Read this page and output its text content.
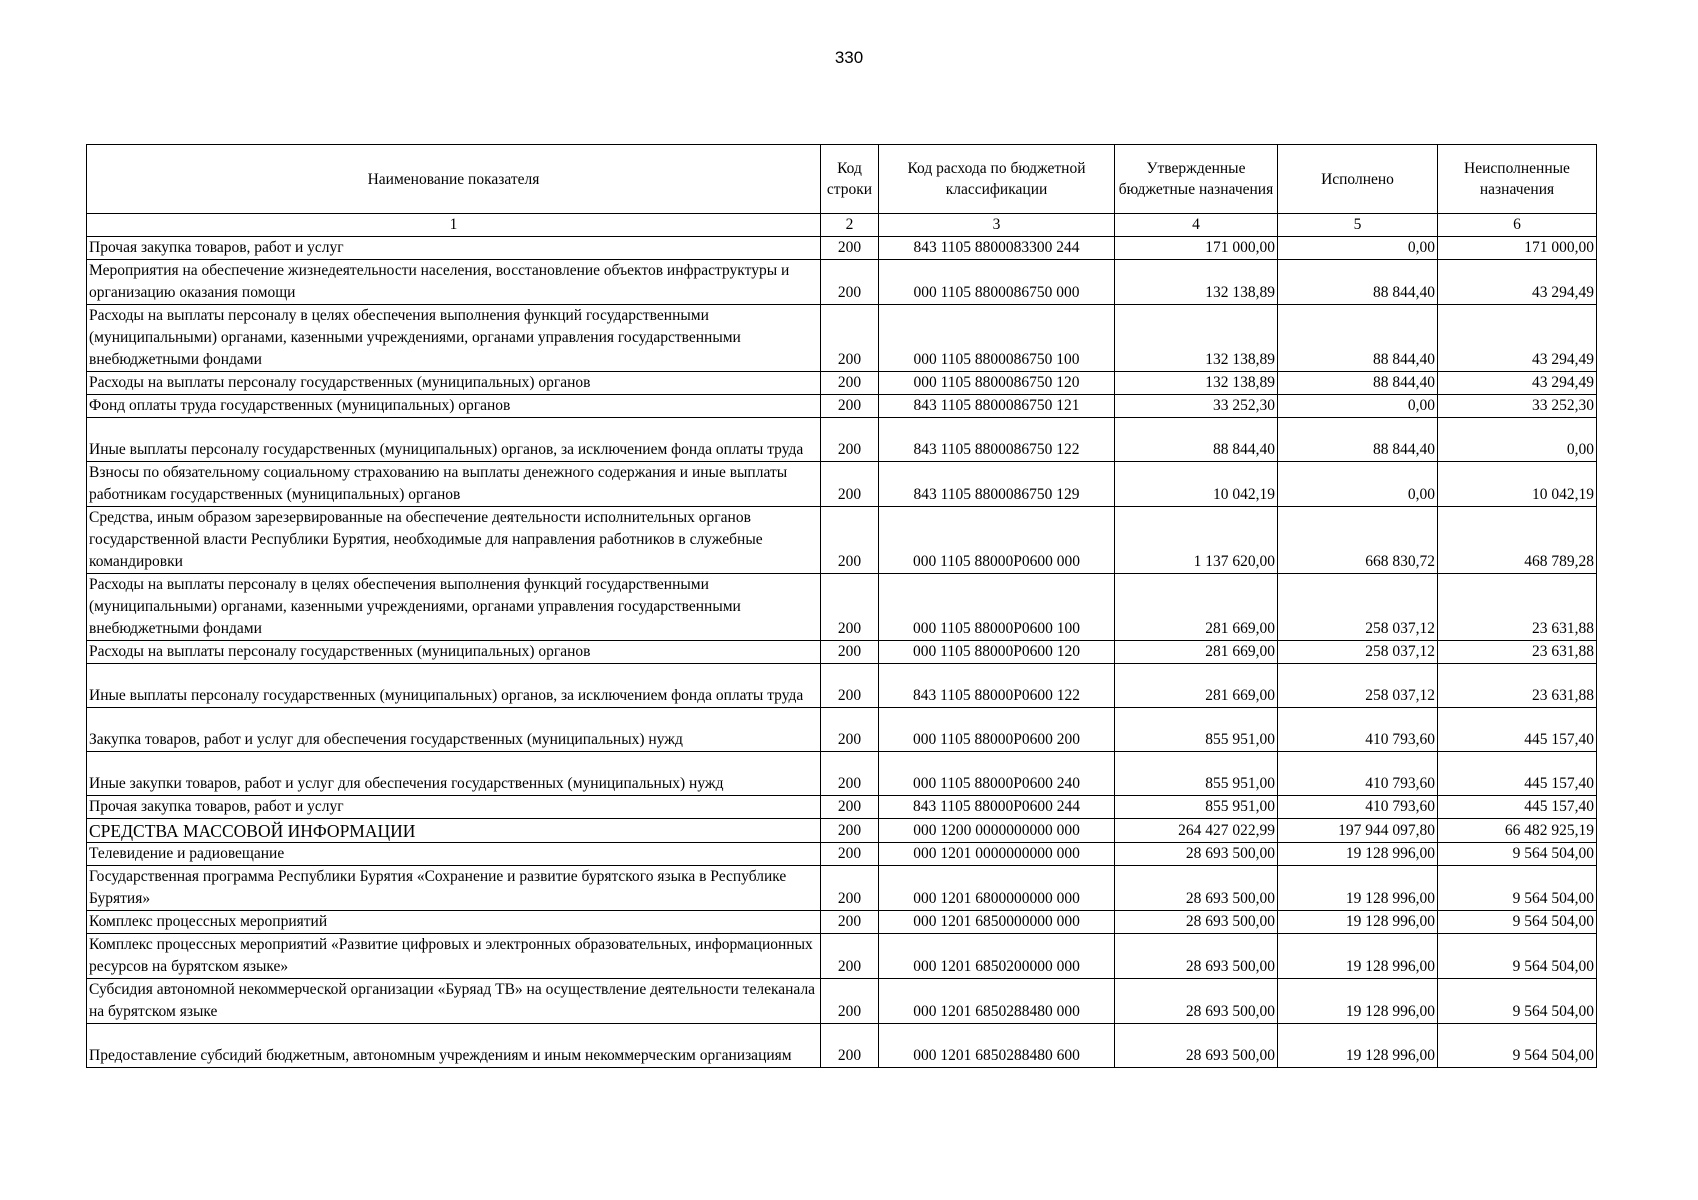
330
Наименование показателя	Код строки	Код расхода по бюджетной классификации	Утвержденные бюджетные назначения	Исполнено	Неисполненные назначения
1	2	3	4	5	6
Прочая закупка товаров, работ и услуг	200	843 1105 8800083300 244	171 000,00	0,00	171 000,00
Мероприятия на обеспечение жизнедеятельности населения, восстановление объектов инфраструктуры и организацию оказания помощи	200	000 1105 8800086750 000	132 138,89	88 844,40	43 294,49
Расходы на выплаты персоналу в целях обеспечения выполнения функций государственными (муниципальными) органами, казенными учреждениями, органами управления государственными внебюджетными фондами	200	000 1105 8800086750 100	132 138,89	88 844,40	43 294,49
Расходы на выплаты персоналу государственных (муниципальных) органов	200	000 1105 8800086750 120	132 138,89	88 844,40	43 294,49
Фонд оплаты труда государственных (муниципальных) органов	200	843 1105 8800086750 121	33 252,30	0,00	33 252,30
Иные выплаты персоналу государственных (муниципальных) органов, за исключением фонда оплаты труда	200	843 1105 8800086750 122	88 844,40	88 844,40	0,00
Взносы по обязательному социальному страхованию на выплаты денежного содержания и иные выплаты работникам государственных (муниципальных) органов	200	843 1105 8800086750 129	10 042,19	0,00	10 042,19
Средства, иным образом зарезервированные на обеспечение деятельности исполнительных органов государственной власти Республики Бурятия, необходимые для направления работников в служебные командировки	200	000 1105 88000P0600 000	1 137 620,00	668 830,72	468 789,28
Расходы на выплаты персоналу в целях обеспечения выполнения функций государственными (муниципальными) органами, казенными учреждениями, органами управления государственными внебюджетными фондами	200	000 1105 88000P0600 100	281 669,00	258 037,12	23 631,88
Расходы на выплаты персоналу государственных (муниципальных) органов	200	000 1105 88000P0600 120	281 669,00	258 037,12	23 631,88
Иные выплаты персоналу государственных (муниципальных) органов, за исключением фонда оплаты труда	200	843 1105 88000P0600 122	281 669,00	258 037,12	23 631,88
Закупка товаров, работ и услуг для обеспечения государственных (муниципальных) нужд	200	000 1105 88000P0600 200	855 951,00	410 793,60	445 157,40
Иные закупки товаров, работ и услуг для обеспечения государственных (муниципальных) нужд	200	000 1105 88000P0600 240	855 951,00	410 793,60	445 157,40
Прочая закупка товаров, работ и услуг	200	843 1105 88000P0600 244	855 951,00	410 793,60	445 157,40
СРЕДСТВА МАССОВОЙ ИНФОРМАЦИИ	200	000 1200 0000000000 000	264 427 022,99	197 944 097,80	66 482 925,19
Телевидение и радиовещание	200	000 1201 0000000000 000	28 693 500,00	19 128 996,00	9 564 504,00
Государственная программа Республики Бурятия «Сохранение и развитие бурятского языка в Республике Бурятия»	200	000 1201 6800000000 000	28 693 500,00	19 128 996,00	9 564 504,00
Комплекс процессных мероприятий	200	000 1201 6850000000 000	28 693 500,00	19 128 996,00	9 564 504,00
Комплекс процессных мероприятий «Развитие цифровых и электронных образовательных, информационных ресурсов на бурятском языке»	200	000 1201 6850200000 000	28 693 500,00	19 128 996,00	9 564 504,00
Субсидия автономной некоммерческой организации «Буряад ТВ» на осуществление деятельности телеканала на бурятском языке	200	000 1201 6850288480 000	28 693 500,00	19 128 996,00	9 564 504,00
Предоставление субсидий бюджетным, автономным учреждениям и иным некоммерческим организациям	200	000 1201 6850288480 600	28 693 500,00	19 128 996,00	9 564 504,00
